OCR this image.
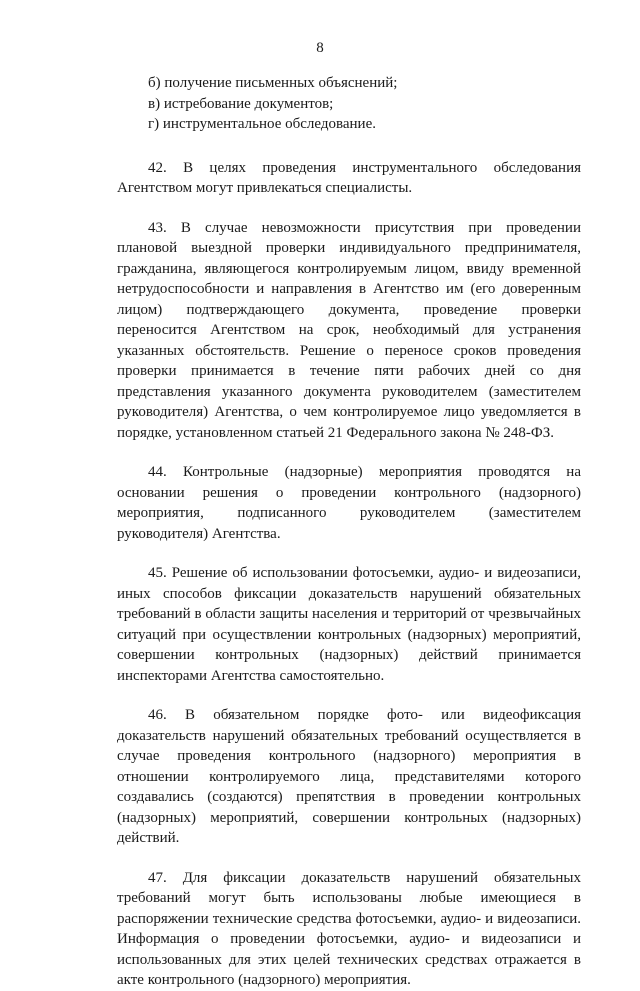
8

б) получение письменных объяснений;

в) истребование документов;

г) инструментальное обследование.

42. В целях проведения инструментального обследования Агентством могут привлекаться специалисты.

43. В случае невозможности присутствия при проведении плановой выездной проверки индивидуального предпринимателя, гражданина, являющегося контролируемым лицом, ввиду временной нетрудоспособности и направления в Агентство им (его доверенным лицом) подтверждающего документа, проведение проверки переносится Агентством на срок, необходимый для устранения указанных обстоятельств. Решение о переносе сроков проведения проверки принимается в течение пяти рабочих дней со дня представления указанного документа руководителем (заместителем руководителя) Агентства, о чем контролируемое лицо уведомляется в порядке, установленном статьей 21 Федерального закона № 248-ФЗ.

44. Контрольные (надзорные) мероприятия проводятся на основании решения о проведении контрольного (надзорного) мероприятия, подписанного руководителем (заместителем руководителя) Агентства.

45. Решение об использовании фотосъемки, аудио- и видеозаписи, иных способов фиксации доказательств нарушений обязательных требований в области защиты населения и территорий от чрезвычайных ситуаций при осуществлении контрольных (надзорных) мероприятий, совершении контрольных (надзорных) действий принимается инспекторами Агентства самостоятельно.

46. В обязательном порядке фото- или видеофиксация доказательств нарушений обязательных требований осуществляется в случае проведения контрольного (надзорного) мероприятия в отношении контролируемого лица, представителями которого создавались (создаются) препятствия в проведении контрольных (надзорных) мероприятий, совершении контрольных (надзорных) действий.

47. Для фиксации доказательств нарушений обязательных требований могут быть использованы любые имеющиеся в распоряжении технические средства фотосъемки, аудио- и видеозаписи. Информация о проведении фотосъемки, аудио- и видеозаписи и использованных для этих целей технических средствах отражается в акте контрольного (надзорного) мероприятия.
